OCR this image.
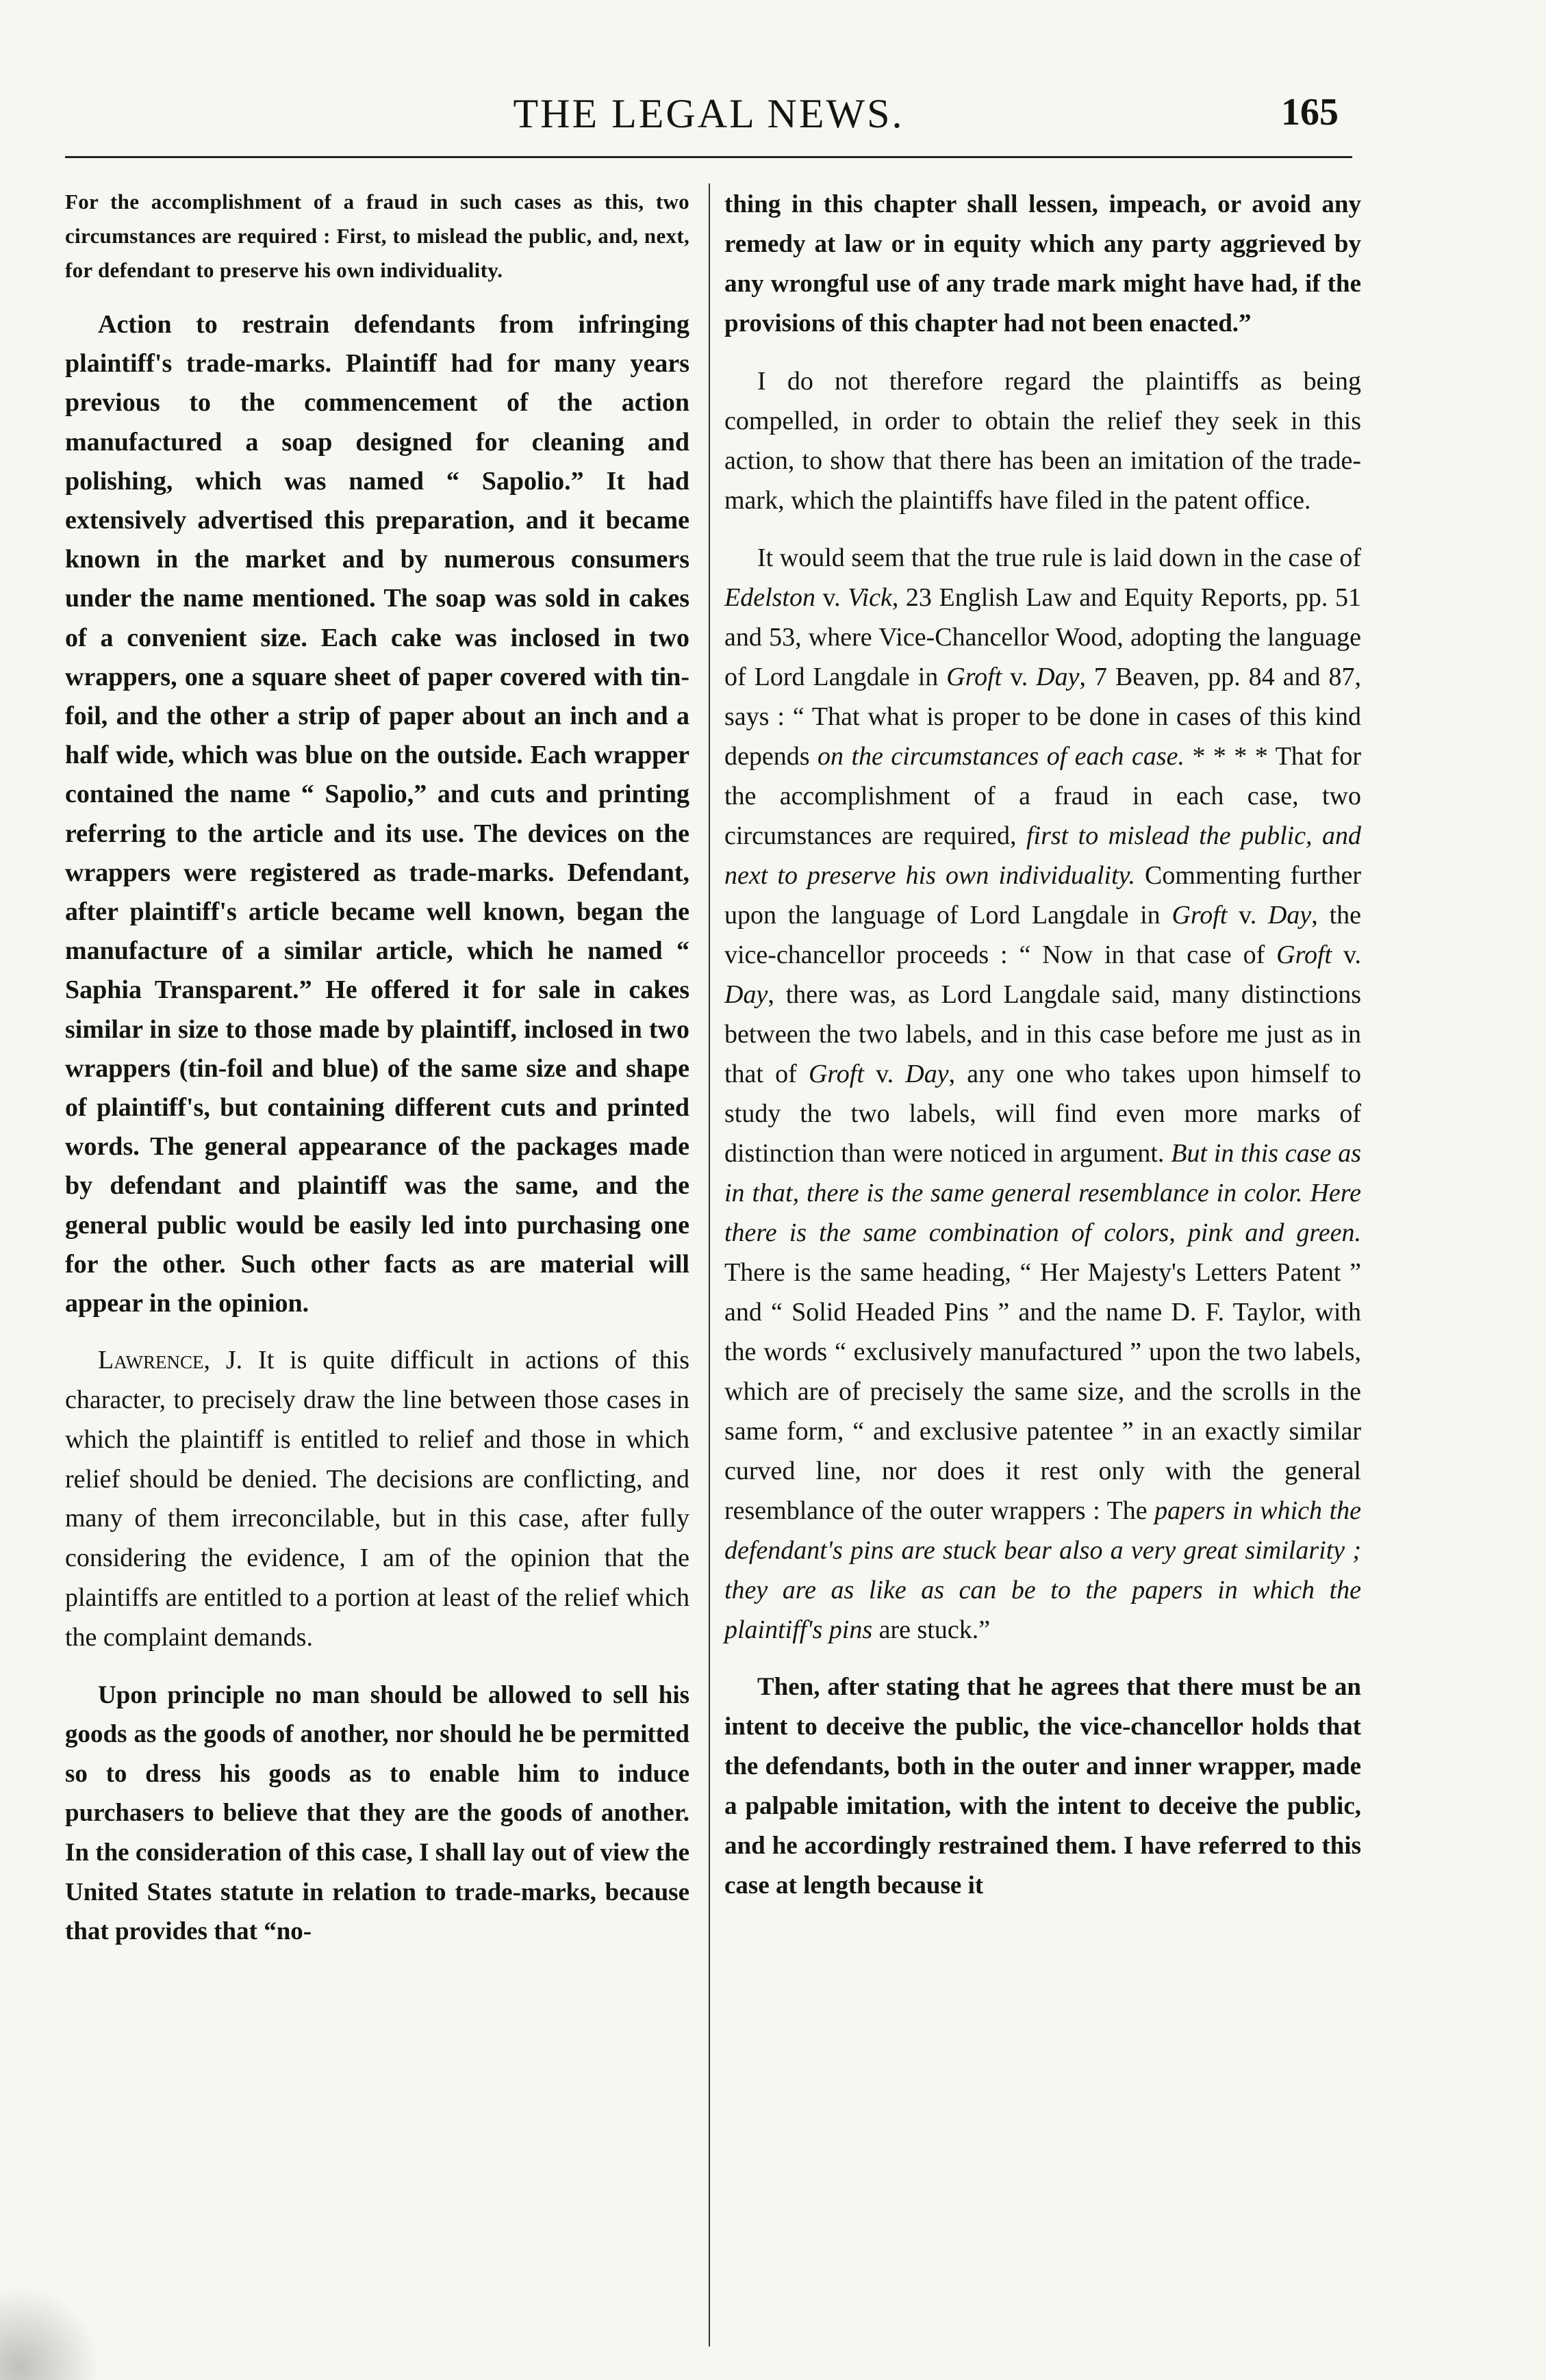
THE LEGAL NEWS.	165

For the accomplishment of a fraud in such cases as this, two circumstances are required : First, to mislead the public, and, next, for defendant to preserve his own individuality.

Action to restrain defendants from infringing plaintiff's trade-marks. Plaintiff had for many years previous to the commencement of the action manufactured a soap designed for cleaning and polishing, which was named “ Sapolio.” It had extensively advertised this preparation, and it became known in the market and by numerous consumers under the name mentioned. The soap was sold in cakes of a convenient size. Each cake was inclosed in two wrappers, one a square sheet of paper covered with tin-foil, and the other a strip of paper about an inch and a half wide, which was blue on the outside. Each wrapper contained the name “ Sapolio,” and cuts and printing referring to the article and its use. The devices on the wrappers were registered as trade-marks. Defendant, after plaintiff's article became well known, began the manufacture of a similar article, which he named “ Saphia Transparent.” He offered it for sale in cakes similar in size to those made by plaintiff, inclosed in two wrappers (tin-foil and blue) of the same size and shape of plaintiff's, but containing different cuts and printed words. The general appearance of the packages made by defendant and plaintiff was the same, and the general public would be easily led into purchasing one for the other. Such other facts as are material will appear in the opinion.

Lawrence, J. It is quite difficult in actions of this character, to precisely draw the line between those cases in which the plaintiff is entitled to relief and those in which relief should be denied. The decisions are conflicting, and many of them irreconcilable, but in this case, after fully considering the evidence, I am of the opinion that the plaintiffs are entitled to a portion at least of the relief which the complaint demands.

Upon principle no man should be allowed to sell his goods as the goods of another, nor should he be permitted so to dress his goods as to enable him to induce purchasers to believe that they are the goods of another. In the consideration of this case, I shall lay out of view the United States statute in relation to trade-marks, because that provides that “no-

thing in this chapter shall lessen, impeach, or avoid any remedy at law or in equity which any party aggrieved by any wrongful use of any trade mark might have had, if the provisions of this chapter had not been enacted.”

I do not therefore regard the plaintiffs as being compelled, in order to obtain the relief they seek in this action, to show that there has been an imitation of the trade-mark, which the plaintiffs have filed in the patent office.

It would seem that the true rule is laid down in the case of Edelston v. Vick, 23 English Law and Equity Reports, pp. 51 and 53, where Vice-Chancellor Wood, adopting the language of Lord Langdale in Groft v. Day, 7 Beaven, pp. 84 and 87, says : “ That what is proper to be done in cases of this kind depends on the circumstances of each case. * * * * That for the accomplishment of a fraud in each case, two circumstances are required, first to mislead the public, and next to preserve his own individuality. Commenting further upon the language of Lord Langdale in Groft v. Day, the vice-chancellor proceeds : “ Now in that case of Groft v. Day, there was, as Lord Langdale said, many distinctions between the two labels, and in this case before me just as in that of Groft v. Day, any one who takes upon himself to study the two labels, will find even more marks of distinction than were noticed in argument. But in this case as in that, there is the same general resemblance in color. Here there is the same combination of colors, pink and green. There is the same heading, “ Her Majesty's Letters Patent ” and “ Solid Headed Pins ” and the name D. F. Taylor, with the words “ exclusively manufactured ” upon the two labels, which are of precisely the same size, and the scrolls in the same form, “ and exclusive patentee ” in an exactly similar curved line, nor does it rest only with the general resemblance of the outer wrappers : The papers in which the defendant's pins are stuck bear also a very great similarity ; they are as like as can be to the papers in which the plaintiff's pins are stuck.”

Then, after stating that he agrees that there must be an intent to deceive the public, the vice-chancellor holds that the defendants, both in the outer and inner wrapper, made a palpable imitation, with the intent to deceive the public, and he accordingly restrained them. I have referred to this case at length because it
